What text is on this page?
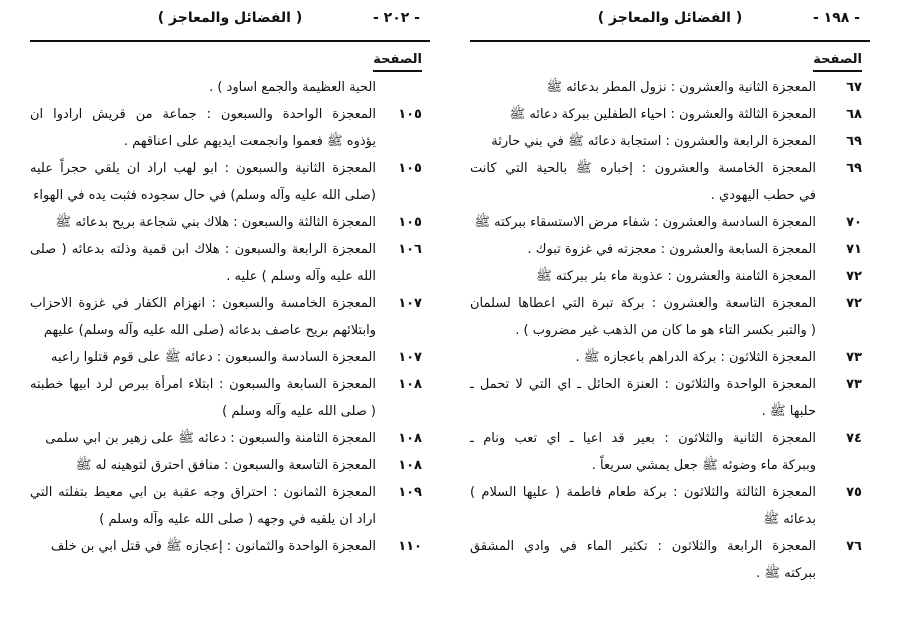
- ٢٠٢ -
( الفضائل والمعاجز )
الصفحة
الحية العظيمة والجمع اساود ) .
١٠٥
المعجزة الواحدة والسبعون : جماعة من قريش ارادوا ان
يؤذوه ﷺ فعموا وانجمعت ايديهم على اعناقهم .
١٠٥
المعجزة الثانية والسبعون : ابو لهب اراد ان يلقي حجراً عليه
(صلى الله عليه وآله وسلم) في حال سجوده فثبت يده في الهواء
١٠٥
المعجزة الثالثة والسبعون : هلاك بني شجاعة بريح بدعائه ﷺ
١٠٦
المعجزة الرابعة والسبعون : هلاك ابن قمية وذلته بدعائه ( صلى
الله عليه وآله وسلم ) عليه .
١٠٧
المعجزة الخامسة والسبعون : انهزام الكفار في غزوة الاحزاب
وابتلائهم بريح عاصف بدعائه (صلى الله عليه وآله وسلم) عليهم
١٠٧
المعجزة السادسة والسبعون : دعائه ﷺ على قوم قتلوا راعيه
١٠٨
المعجزة السابعة والسبعون : ابتلاء امرأة ببرص لرد ابيها خطبته
( صلى الله عليه وآله وسلم )
١٠٨
المعجزة الثامنة والسبعون : دعائه ﷺ على زهير بن ابي سلمى
١٠٨
المعجزة التاسعة والسبعون : منافق احترق لتوهينه له ﷺ
١٠٩
المعجزة الثمانون : احتراق وجه عقبة بن ابي معيط بتفلته التي
اراد ان يلقيه في وجهه ( صلى الله عليه وآله وسلم )
١١٠
المعجزة الواحدة والثمانون : إعجازه ﷺ في قتل ابي بن خلف
- ١٩٨ -
( الفضائل والمعاجز )
الصفحة
٦٧
المعجزة الثانية والعشرون : نزول المطر بدعائه ﷺ
٦٨
المعجزة الثالثة والعشرون : احياء الطفلين ببركة دعائه ﷺ
٦٩
المعجزة الرابعة والعشرون : استجابة دعائه ﷺ في بني حارثة
٦٩
المعجزة الخامسة والعشرون : إخباره ﷺ بالحية التي كانت
في حطب اليهودي .
٧٠
المعجزة السادسة والعشرون : شفاء مرض الاستسقاء ببركته ﷺ
٧١
المعجزة السابعة والعشرون : معجزته في غزوة تبوك .
٧٢
المعجزة الثامنة والعشرون : عذوبة ماء بئر ببركته ﷺ
٧٢
المعجزة التاسعة والعشرون : بركة تبرة التي اعطاها لسلمان
( والتبر بكسر التاء هو ما كان من الذهب غير مضروب ) .
٧٣
المعجزة الثلاثون : بركة الدراهم باعجازه ﷺ .
٧٣
المعجزة الواحدة والثلاثون : العنزة الحائل ـ اي التي لا تحمل ـ
حلبها ﷺ .
٧٤
المعجزة الثانية والثلاثون : بعير قد اعيا ـ اي تعب ونام ـ
وببركة ماء وضوئه ﷺ جعل يمشي سريعاً .
٧٥
المعجزة الثالثة والثلاثون : بركة طعام فاطمة ( عليها السلام )
بدعائه ﷺ
٧٦
المعجزة الرابعة والثلاثون : تكثير الماء في وادي المشقق
ببركته ﷺ .
